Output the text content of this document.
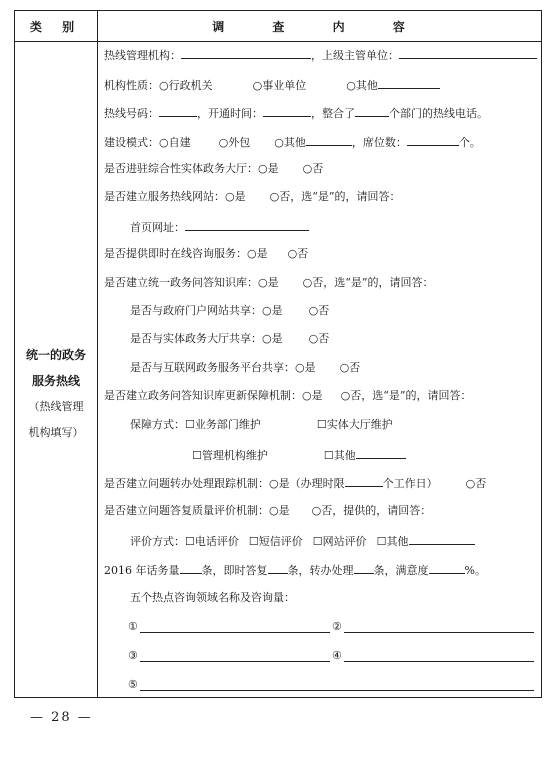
类 别	调 查 内 容
统一的政务
服务热线
（热线管理
机构填写）
热线管理机构：	，上级主管单位：
机构性质：○行政机关	○事业单位	○其他
热线号码：	，开通时间：	，整合了	个部门的热线电话。
建设模式：○自建	○外包 ○其他	，席位数：	个。
是否进驻综合性实体政务大厅：○是 ○否
是否建立服务热线网站：○是 ○否，选“是”的，请回答：
首页网址：
是否提供即时在线咨询服务：○是 ○否
是否建立统一政务问答知识库：○是 ○否，选“是”的，请回答：
是否与政府门户网站共享：○是 ○否
是否与实体政务大厅共享：○是 ○否
是否与互联网政务服务平台共享：○是 ○否
是否建立政务问答知识库更新保障机制：○是 ○否，选“是”的，请回答：
保障方式：☐业务部门维护	☐实体大厅维护
☐管理机构维护	☐其他
是否建立问题转办处理跟踪机制：○是（办理时限	个工作日）	○否
是否建立问题答复质量评价机制：○是 ○否，提供的，请回答：
评价方式：☐电话评价 ☐短信评价 ☐网站评价 ☐其他
2016 年话务量 条，即时答复 条，转办处理 条，满意度	%。
五个热点咨询领域名称及咨询量：
①	②
③	④
⑤
— 28 —
